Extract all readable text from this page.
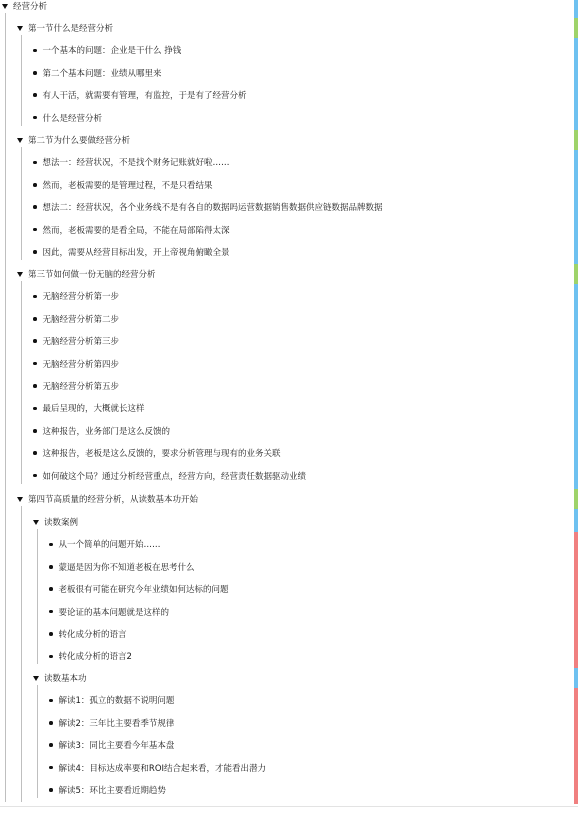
经营分析
第一节什么是经营分析
一个基本的问题：企业是干什么 挣钱
第二个基本问题：业绩从哪里来
有人干活，就需要有管理，有监控，于是有了经营分析
什么是经营分析
第二节为什么要做经营分析
想法一：经营状况，不是找个财务记账就好啦……
然而，老板需要的是管理过程，不是只看结果
想法二：经营状况，各个业务线不是有各自的数据吗运营数据销售数据供应链数据品牌数据
然而，老板需要的是看全局，不能在局部陷得太深
因此，需要从经营目标出发，开上帝视角俯瞰全景
第三节如何做一份无脑的经营分析
无脑经营分析第一步
无脑经营分析第二步
无脑经营分析第三步
无脑经营分析第四步
无脑经营分析第五步
最后呈现的，大概就长这样
这种报告，业务部门是这么反馈的
这种报告，老板是这么反馈的，要求分析管理与现有的业务关联
如何破这个局？通过分析经营重点，经营方向，经营责任数据驱动业绩
第四节高质量的经营分析，从读数基本功开始
读数案例
从一个简单的问题开始……
蒙逼是因为你不知道老板在思考什么
老板很有可能在研究今年业绩如何达标的问题
要论证的基本问题就是这样的
转化成分析的语言
转化成分析的语言2
读数基本功
解读1：孤立的数据不说明问题
解读2：三年比主要看季节规律
解读3：同比主要看今年基本盘
解读4：目标达成率要和ROI结合起来看，才能看出潜力
解读5：环比主要看近期趋势
